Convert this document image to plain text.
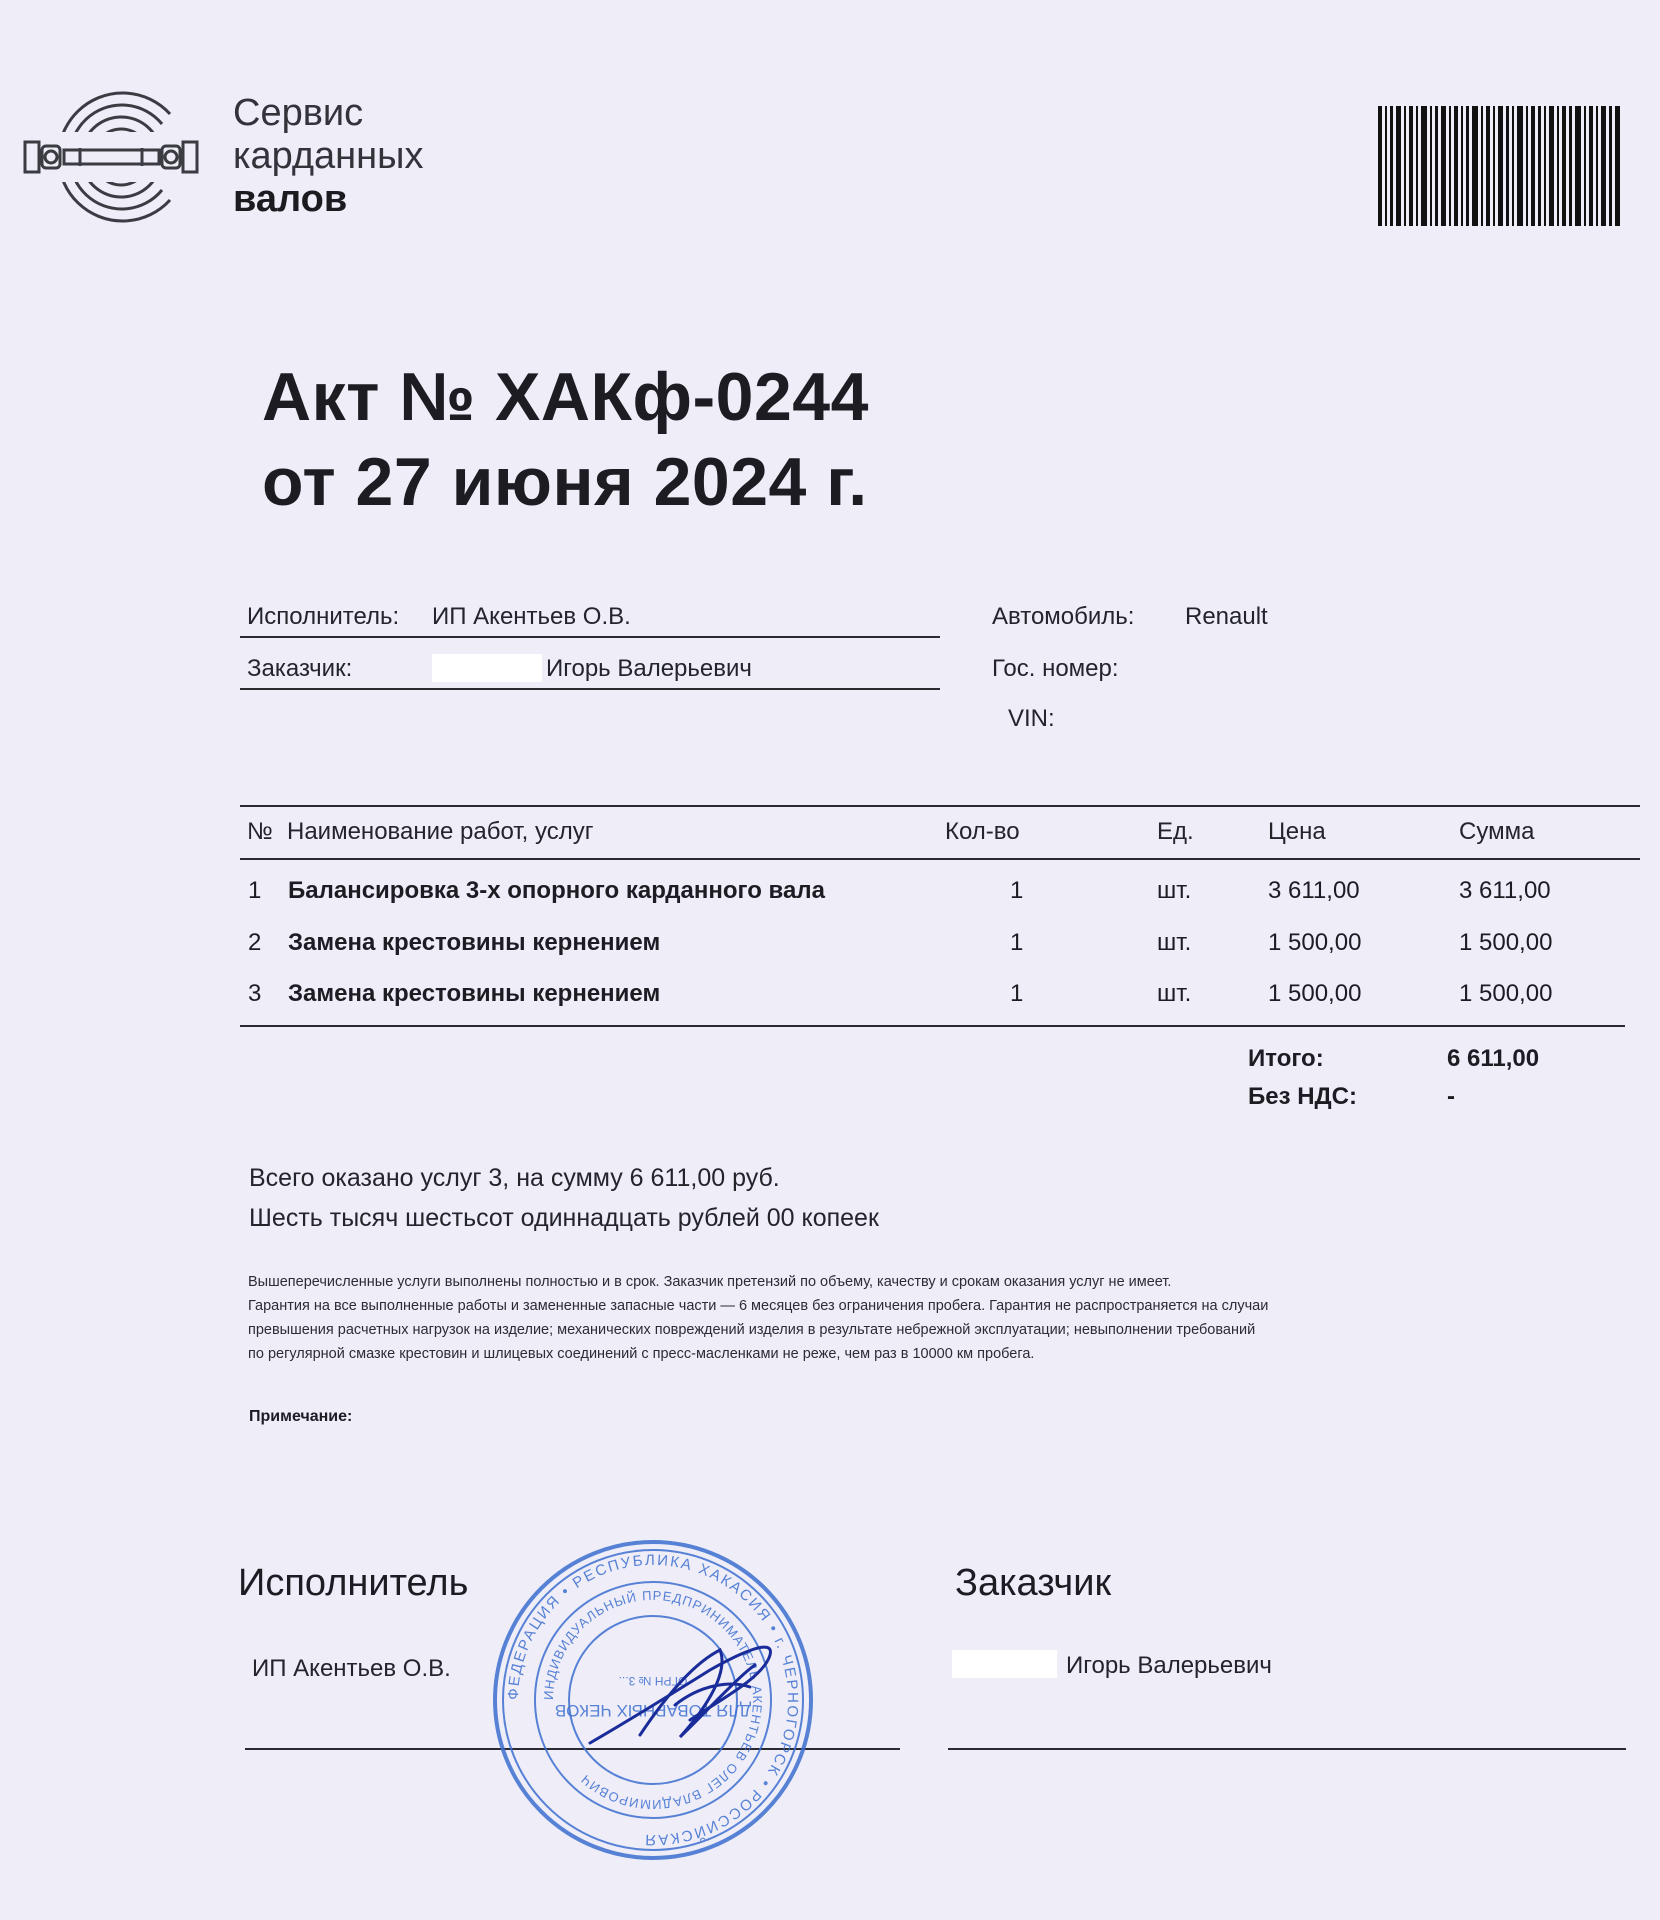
Сервис
карданных
валов
Акт № ХАКф-0244
от 27 июня 2024 г.
Исполнитель: ИП Акентьев О.В.
Заказчик:	Игорь Валерьевич
Автомобиль: Renault
Гос. номер:
VIN:
№ Наименование работ, услуг	Кол-во	Ед.	Цена	Сумма
1 Балансировка 3-х опорного карданного вала	1	шт.	3 611,00	3 611,00
2 Замена крестовины кернением	1	шт.	1 500,00	1 500,00
3 Замена крестовины кернением	1	шт.	1 500,00	1 500,00
Итого:	6 611,00
Без НДС:	-
Всего оказано услуг 3, на сумму 6 611,00 руб.
Шесть тысяч шестьсот одиннадцать рублей 00 копеек
Вышеперечисленные услуги выполнены полностью и в срок. Заказчик претензий по объему, качеству и срокам оказания услуг не имеет.
Гарантия на все выполненные работы и замененные запасные части — 6 месяцев без ограничения пробега. Гарантия не распространяется на случаи
превышения расчетных нагрузок на изделие; механических повреждений изделия в результате небрежной эксплуатации; невыполнении требований
по регулярной смазке крестовин и шлицевых соединений с пресс-масленками не реже, чем раз в 10000 км пробега.
Примечание:
Исполнитель
ИП Акентьев О.В.
Заказчик
Игорь Валерьевич
ФЕДЕРАЦИЯ • РЕСПУБЛИКА ХАКАСИЯ • г. ЧЕРНОГОРСК • РОССИЙСКАЯ
ИНДИВИДУАЛЬНЫЙ ПРЕДПРИНИМАТЕЛЬ АКЕНТЬЕВ ОЛЕГ ВЛАДИМИРОВИЧ
ДЛЯ ТОВАРНЫХ ЧЕКОВ
ОГРН № 3...
